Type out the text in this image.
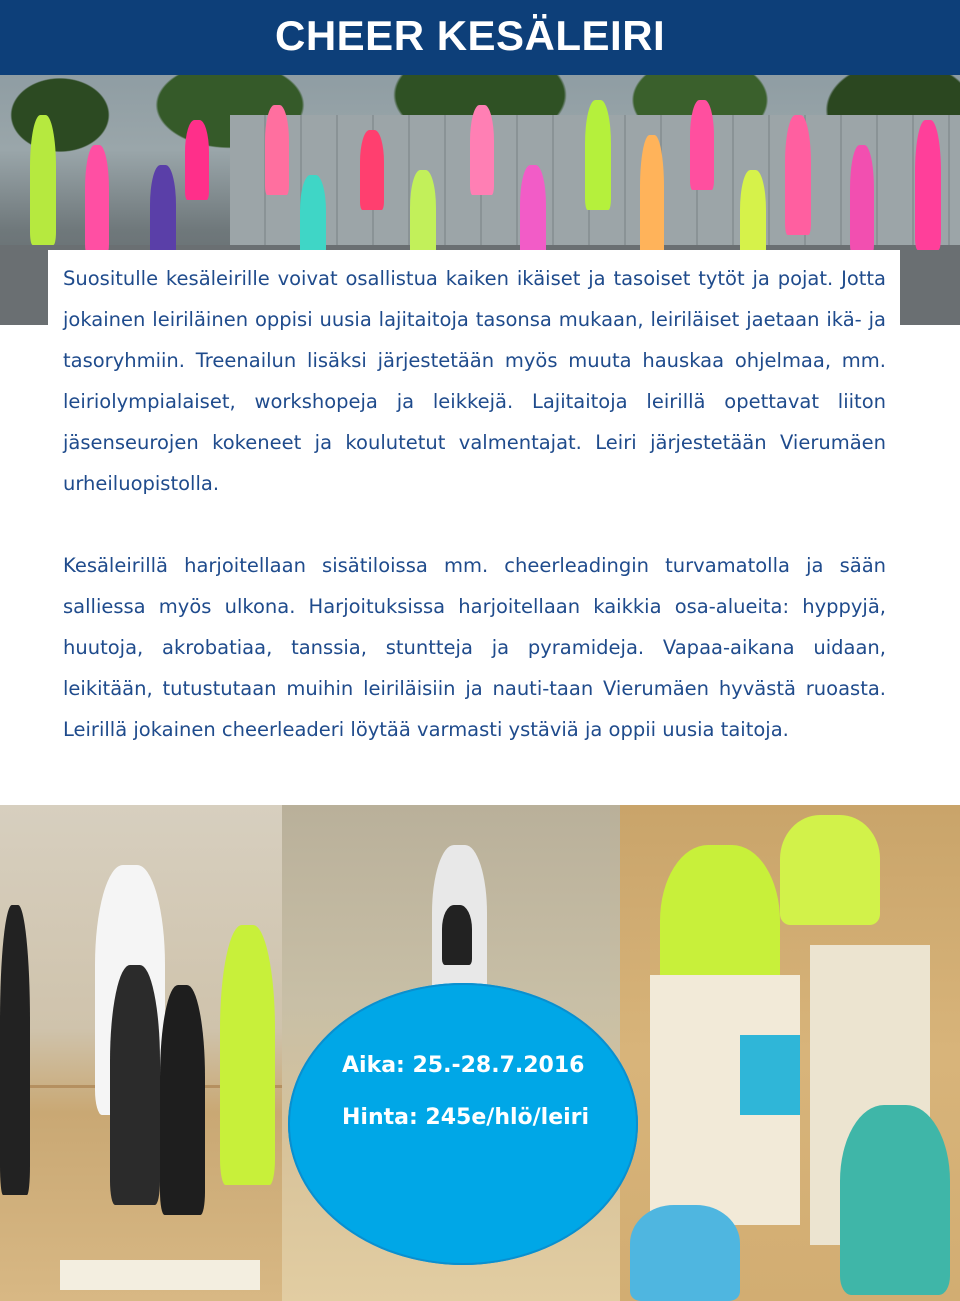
CHEER KESÄLEIRI

Suositulle kesäleirille voivat osallistua kaiken ikäiset ja tasoiset tytöt ja pojat. Jotta jokainen leiriläinen oppisi uusia lajitaitoja tasonsa mukaan, leiriläiset jaetaan ikä- ja tasoryhmiin. Treenailun lisäksi järjestetään myös muuta hauskaa ohjelmaa, mm. leiriolympialaiset, workshopeja ja leikkejä. Lajitaitoja leirillä opettavat liiton jäsenseurojen kokeneet ja koulutetut valmentajat. Leiri järjestetään Vierumäen urheiluopistolla.

Kesäleirillä harjoitellaan sisätiloissa mm. cheerleadingin turvamatolla ja sään salliessa myös ulkona. Harjoituksissa harjoitellaan kaikkia osa-alueita: hyppyjä, huutoja, akrobatiaa, tanssia, stuntteja ja pyramideja. Vapaa-aikana uidaan, leikitään, tutustutaan muihin leiriläisiin ja nauti-taan Vierumäen hyvästä ruoasta. Leirillä jokainen cheerleaderi löytää varmasti ystäviä ja oppii uusia taitoja.

Aika: 25.-28.7.2016
Hinta: 245e/hlö/leiri
